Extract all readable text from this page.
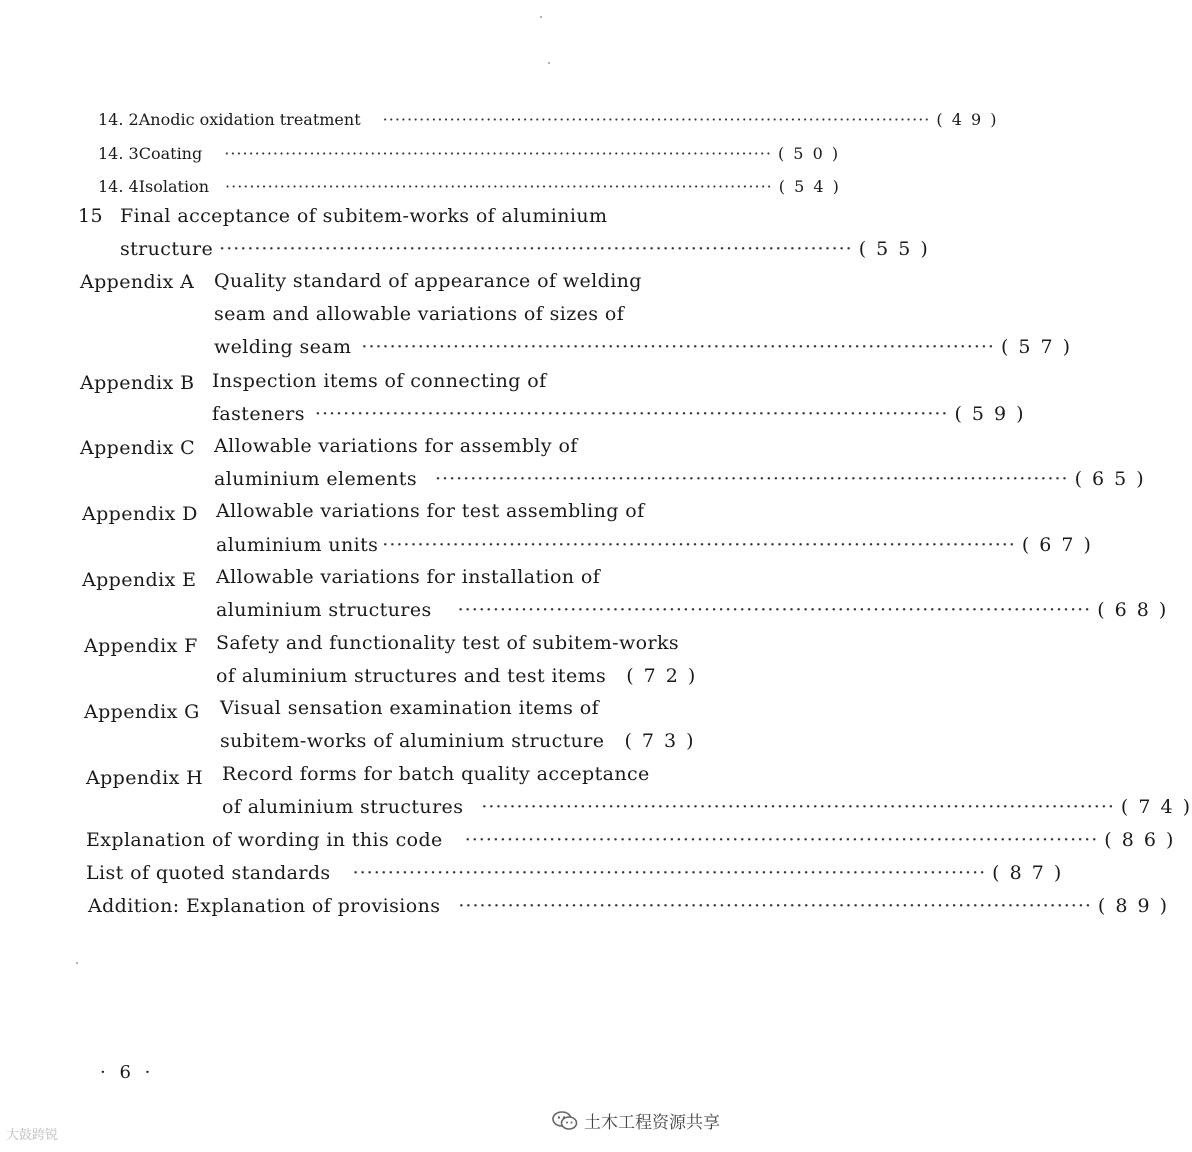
14. 2 Anodic oxidation treatment ·························································································· ( 4 9 )
14. 3 Coating ·························································································· ( 5 0 )
14. 4 Isolation ·························································································· ( 5 4 )
15 Final acceptance of subitem-works of aluminium
structure ·························································································· ( 5 5 )
Appendix A Quality standard of appearance of welding
seam and allowable variations of sizes of
welding seam ·························································································· ( 5 7 )
Appendix B Inspection items of connecting of
fasteners ·························································································· ( 5 9 )
Appendix C Allowable variations for assembly of
aluminium elements ·························································································· ( 6 5 )
Appendix D Allowable variations for test assembling of
aluminium units ·························································································· ( 6 7 )
Appendix E Allowable variations for installation of
aluminium structures ·························································································· ( 6 8 )
Appendix F Safety and functionality test of subitem-works
of aluminium structures and test items ( 7 2 )
Appendix G Visual sensation examination items of
subitem-works of aluminium structure ( 7 3 )
Appendix H Record forms for batch quality acceptance
of aluminium structures ·························································································· ( 7 4 )
Explanation of wording in this code ·························································································· ( 8 6 )
List of quoted standards ·························································································· ( 8 7 )
Addition: Explanation of provisions ·························································································· ( 8 9 )
· 6 ·
大鼓跨锐
土木工程资源共享
